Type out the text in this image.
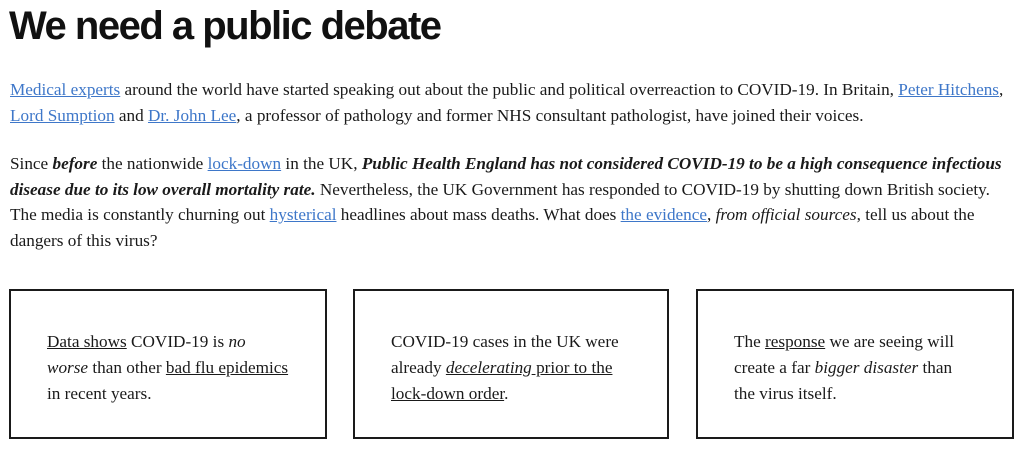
We need a public debate

Medical experts around the world have started speaking out about the public and political overreaction to COVID-19. In Britain, Peter Hitchens, Lord Sumption and Dr. John Lee, a professor of pathology and former NHS consultant pathologist, have joined their voices.

Since before the nationwide lock-down in the UK, Public Health England has not considered COVID-19 to be a high consequence infectious disease due to its low overall mortality rate. Nevertheless, the UK Government has responded to COVID-19 by shutting down British society. The media is constantly churning out hysterical headlines about mass deaths. What does the evidence, from official sources, tell us about the dangers of this virus?

Data shows COVID-19 is no worse than other bad flu epidemics in recent years.
COVID-19 cases in the UK were already decelerating prior to the lock-down order.
The response we are seeing will create a far bigger disaster than the virus itself.
